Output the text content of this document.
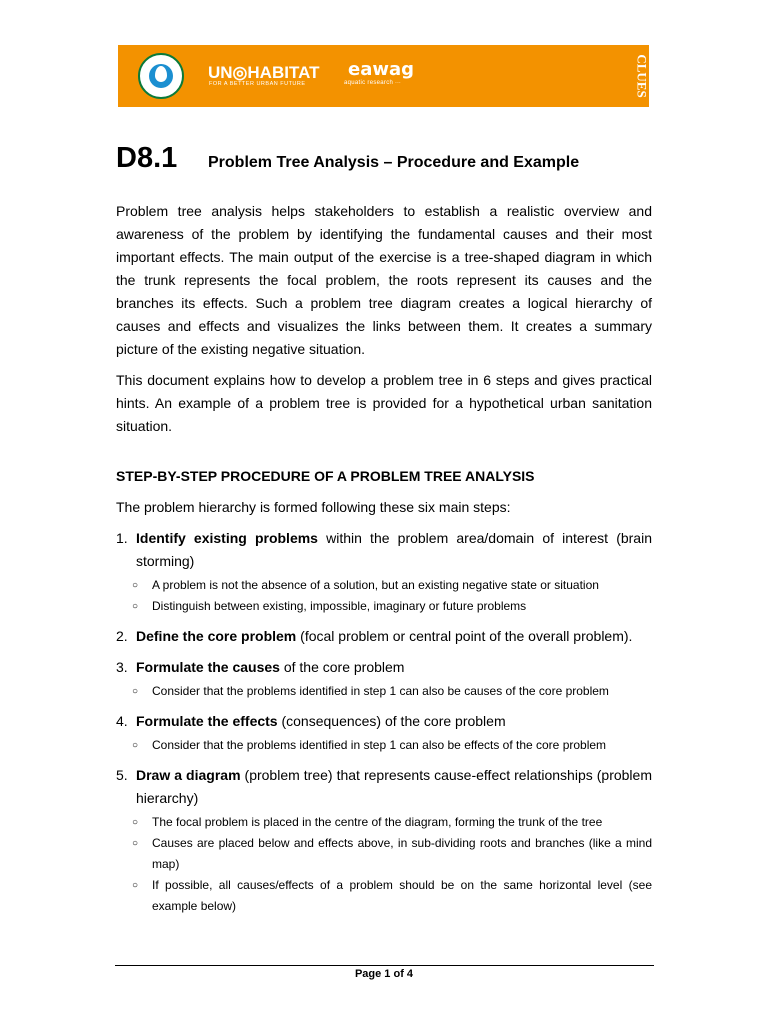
UN◎HABITAT
FOR A BETTER URBAN FUTURE
eawag
aquatic research ∙∙∙	CLUES
D8.1 Problem Tree Analysis – Procedure and Example

Problem tree analysis helps stakeholders to establish a realistic overview and awareness of the problem by identifying the fundamental causes and their most important effects. The main output of the exercise is a tree-shaped diagram in which the trunk represents the focal problem, the roots represent its causes and the branches its effects. Such a problem tree diagram creates a logical hierarchy of causes and effects and visualizes the links between them. It creates a summary picture of the existing negative situation.

This document explains how to develop a problem tree in 6 steps and gives practical hints. An example of a problem tree is provided for a hypothetical urban sanitation situation.

STEP-BY-STEP PROCEDURE OF A PROBLEM TREE ANALYSIS
The problem hierarchy is formed following these six main steps:
1. Identify existing problems within the problem area/domain of interest (brain storming)
○	A problem is not the absence of a solution, but an existing negative state or situation
○	Distinguish between existing, impossible, imaginary or future problems
2. Define the core problem (focal problem or central point of the overall problem).
3. Formulate the causes of the core problem
○	Consider that the problems identified in step 1 can also be causes of the core problem
4. Formulate the effects (consequences) of the core problem
○	Consider that the problems identified in step 1 can also be effects of the core problem
5. Draw a diagram (problem tree) that represents cause-effect relationships (problem hierarchy)
○	The focal problem is placed in the centre of the diagram, forming the trunk of the tree
○	Causes are placed below and effects above, in sub-dividing roots and branches (like a mind map)
○	If possible, all causes/effects of a problem should be on the same horizontal level (see example below)
Page 1 of 4
